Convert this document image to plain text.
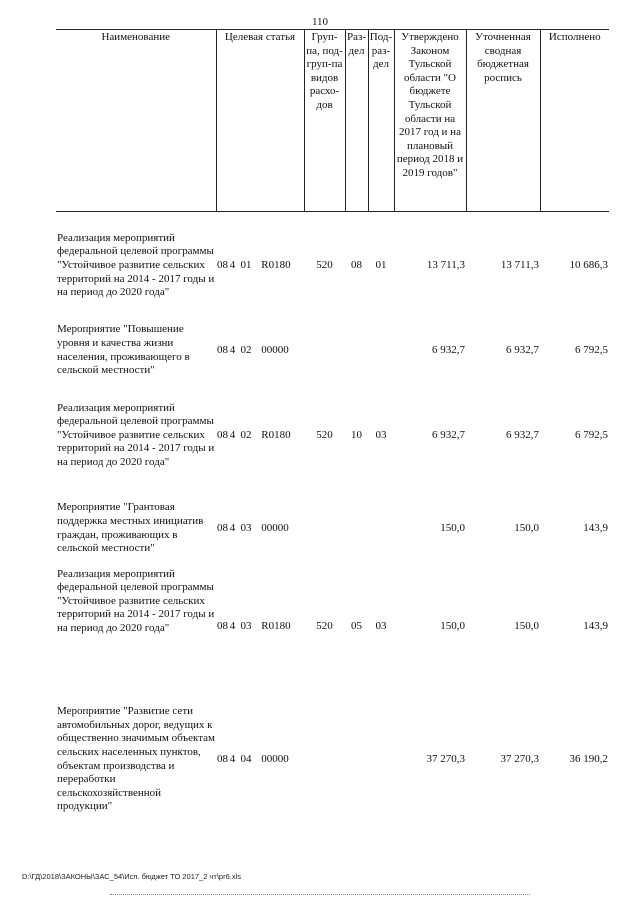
110
Наименование	Целевая статья	Груп-па, под-груп-па видов расхо-дов	Раз-дел	Под-раз-дел	Утверждено Законом Тульской области "О бюджете Тульской области на 2017 год и на плановый период 2018 и 2019 годов"	Уточненная сводная бюджетная роспись	Исполнено
Реализация мероприятий федеральной целевой программы "Устойчивое развитие сельских территорий на 2014 - 2017 годы и на период до 2020 года"	08 4 01 R0180	520	08	01	13 711,3	13 711,3	10 686,3
Мероприятие "Повышение уровня и качества жизни населения, проживающего в сельской местности"	08 4 02 00000				6 932,7	6 932,7	6 792,5
Реализация мероприятий федеральной целевой программы "Устойчивое развитие сельских территорий на 2014 - 2017 годы и на период до 2020 года"	08 4 02 R0180	520	10	03	6 932,7	6 932,7	6 792,5
Мероприятие "Грантовая поддержка местных инициатив граждан, проживающих в сельской местности"	08 4 03 00000				150,0	150,0	143,9
Реализация мероприятий федеральной целевой программы "Устойчивое развитие сельских территорий на 2014 - 2017 годы и на период до 2020 года"	08 4 03 R0180	520	05	03	150,0	150,0	143,9
Мероприятие "Развитие сети автомобильных дорог, ведущих к общественно значимым объектам сельских населенных пунктов, объектам производства и переработки сельскохозяйственной продукции"	08 4 04 00000				37 270,3	37 270,3	36 190,2
D:\ГД\2018\ЗАКОНЫ\ЗАС_54\Исп. бюджет ТО 2017_2 чт\pr6.xls
